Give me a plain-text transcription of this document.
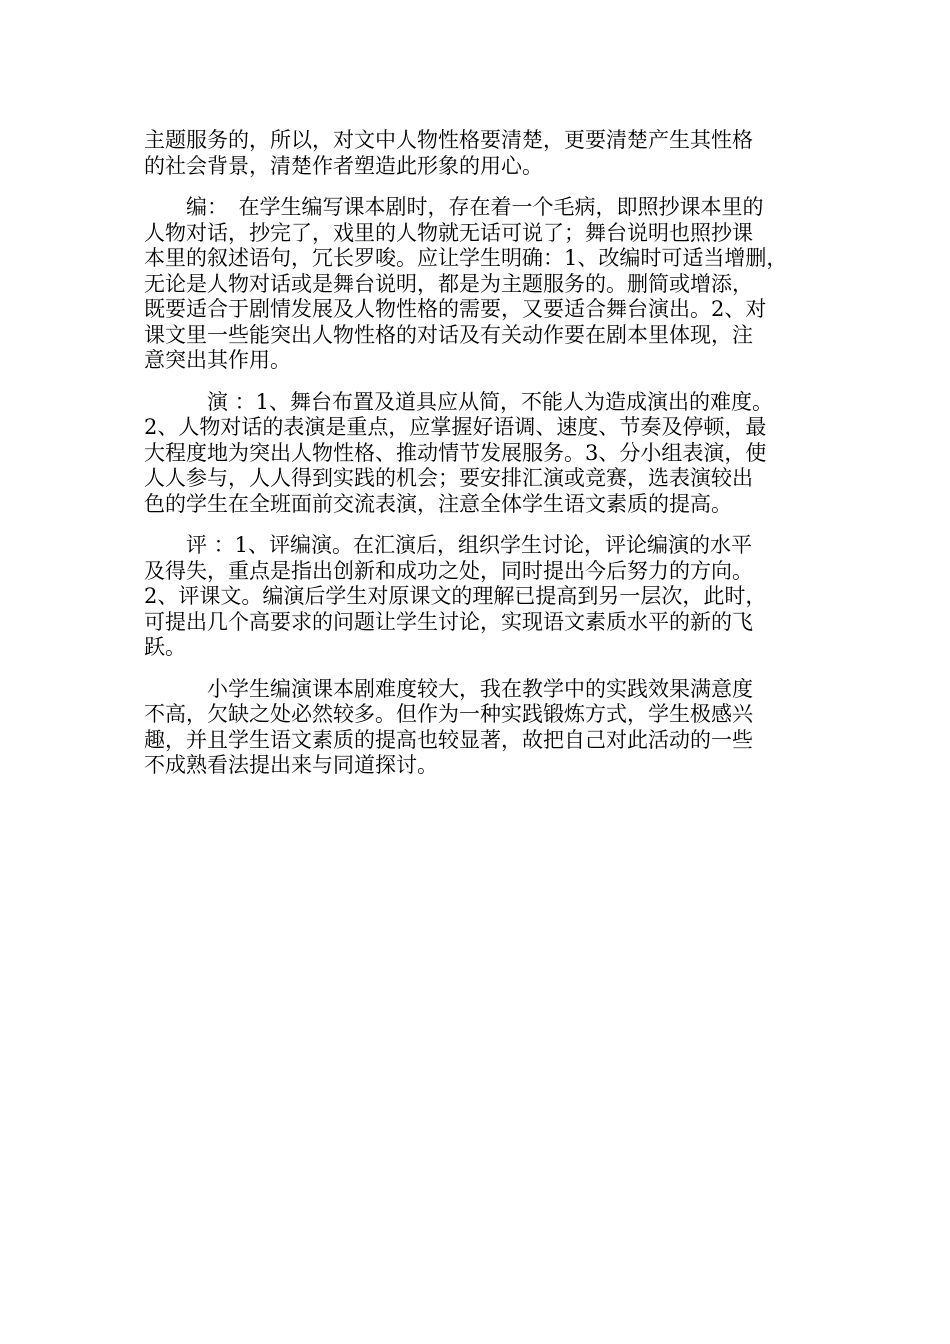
主题服务的，所以，对文中人物性格要清楚，更要清楚产生其性格
的社会背景，清楚作者塑造此形象的用心。
　　编：　在学生编写课本剧时，存在着一个毛病，即照抄课本里的
人物对话，抄完了，戏里的人物就无话可说了；舞台说明也照抄课
本里的叙述语句，冗长罗唆。应让学生明确：1、改编时可适当增删，
无论是人物对话或是舞台说明，都是为主题服务的。删简或增添，
既要适合于剧情发展及人物性格的需要，又要适合舞台演出。2、对
课文里一些能突出人物性格的对话及有关动作要在剧本里体现，注
意突出其作用。
　　　演 ：1、舞台布置及道具应从简，不能人为造成演出的难度。
2、人物对话的表演是重点，应掌握好语调、速度、节奏及停顿，最
大程度地为突出人物性格、推动情节发展服务。3、分小组表演，使
人人参与，人人得到实践的机会；要安排汇演或竞赛，选表演较出
色的学生在全班面前交流表演，注意全体学生语文素质的提高。
　　评 ：1、评编演。在汇演后，组织学生讨论，评论编演的水平
及得失，重点是指出创新和成功之处，同时提出今后努力的方向。
2、评课文。编演后学生对原课文的理解已提高到另一层次，此时，
可提出几个高要求的问题让学生讨论，实现语文素质水平的新的飞
跃。
　　　小学生编演课本剧难度较大，我在教学中的实践效果满意度
不高，欠缺之处必然较多。但作为一种实践锻炼方式，学生极感兴
趣，并且学生语文素质的提高也较显著，故把自己对此活动的一些
不成熟看法提出来与同道探讨。
